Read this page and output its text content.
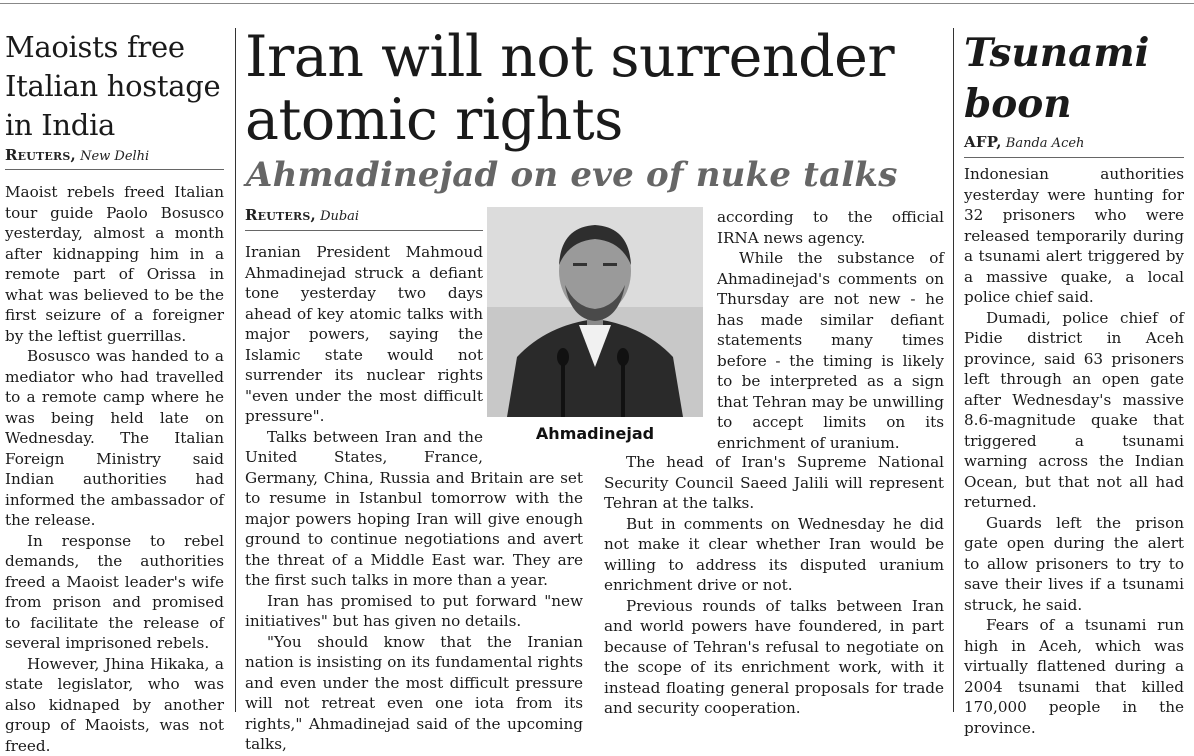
Maoists free Italian hostage in India
Reuters, New Delhi

Maoist rebels freed Italian tour guide Paolo Bosusco yesterday, almost a month after kidnapping him in a remote part of Orissa in what was believed to be the first seizure of a foreigner by the leftist guerrillas.

Bosusco was handed to a mediator who had travelled to a remote camp where he was being held late on Wednesday. The Italian Foreign Ministry said Indian authorities had informed the ambassador of the release.

In response to rebel demands, the authorities freed a Maoist leader's wife from prison and promised to facilitate the release of several imprisoned rebels.

However, Jhina Hikaka, a state legislator, who was also kidnaped by another group of Maoists, was not freed.

Iran will not surrender atomic rights
Ahmadinejad on eve of nuke talks
Reuters, Dubai

Iranian President Mahmoud Ahmadinejad struck a defiant tone yesterday two days ahead of key atomic talks with major powers, saying the Islamic state would not surrender its nuclear rights "even under the most difficult pressure".

Talks between Iran and the United States, France, Germany, China, Russia and Britain are set to resume in Istanbul tomorrow with the major powers hoping Iran will give enough ground to continue negotiations and avert the threat of a Middle East war. They are the first such talks in more than a year.

Iran has promised to put forward "new initiatives" but has given no details.

"You should know that the Iranian nation is insisting on its fundamental rights and even under the most difficult pressure will not retreat even one iota from its rights," Ahmadinejad said of the upcoming talks,

Ahmadinejad

according to the official IRNA news agency.

While the substance of Ahmadinejad's comments on Thursday are not new - he has made similar defiant statements many times before - the timing is likely to be interpreted as a sign that Tehran may be unwilling to accept limits on its enrichment of uranium.

The head of Iran's Supreme National Security Council Saeed Jalili will represent Tehran at the talks.

But in comments on Wednesday he did not make it clear whether Iran would be willing to address its disputed uranium enrichment drive or not.

Previous rounds of talks between Iran and world powers have foundered, in part because of Tehran's refusal to negotiate on the scope of its enrichment work, with it instead floating general proposals for trade and security cooperation.

Tsunami boon
AFP, Banda Aceh

Indonesian authorities yesterday were hunting for 32 prisoners who were released temporarily during a tsunami alert triggered by a massive quake, a local police chief said.

Dumadi, police chief of Pidie district in Aceh province, said 63 prisoners left through an open gate after Wednesday's massive 8.6-magnitude quake that triggered a tsunami warning across the Indian Ocean, but that not all had returned.

Guards left the prison gate open during the alert to allow prisoners to try to save their lives if a tsunami struck, he said.

Fears of a tsunami run high in Aceh, which was virtually flattened during a 2004 tsunami that killed 170,000 people in the province.
